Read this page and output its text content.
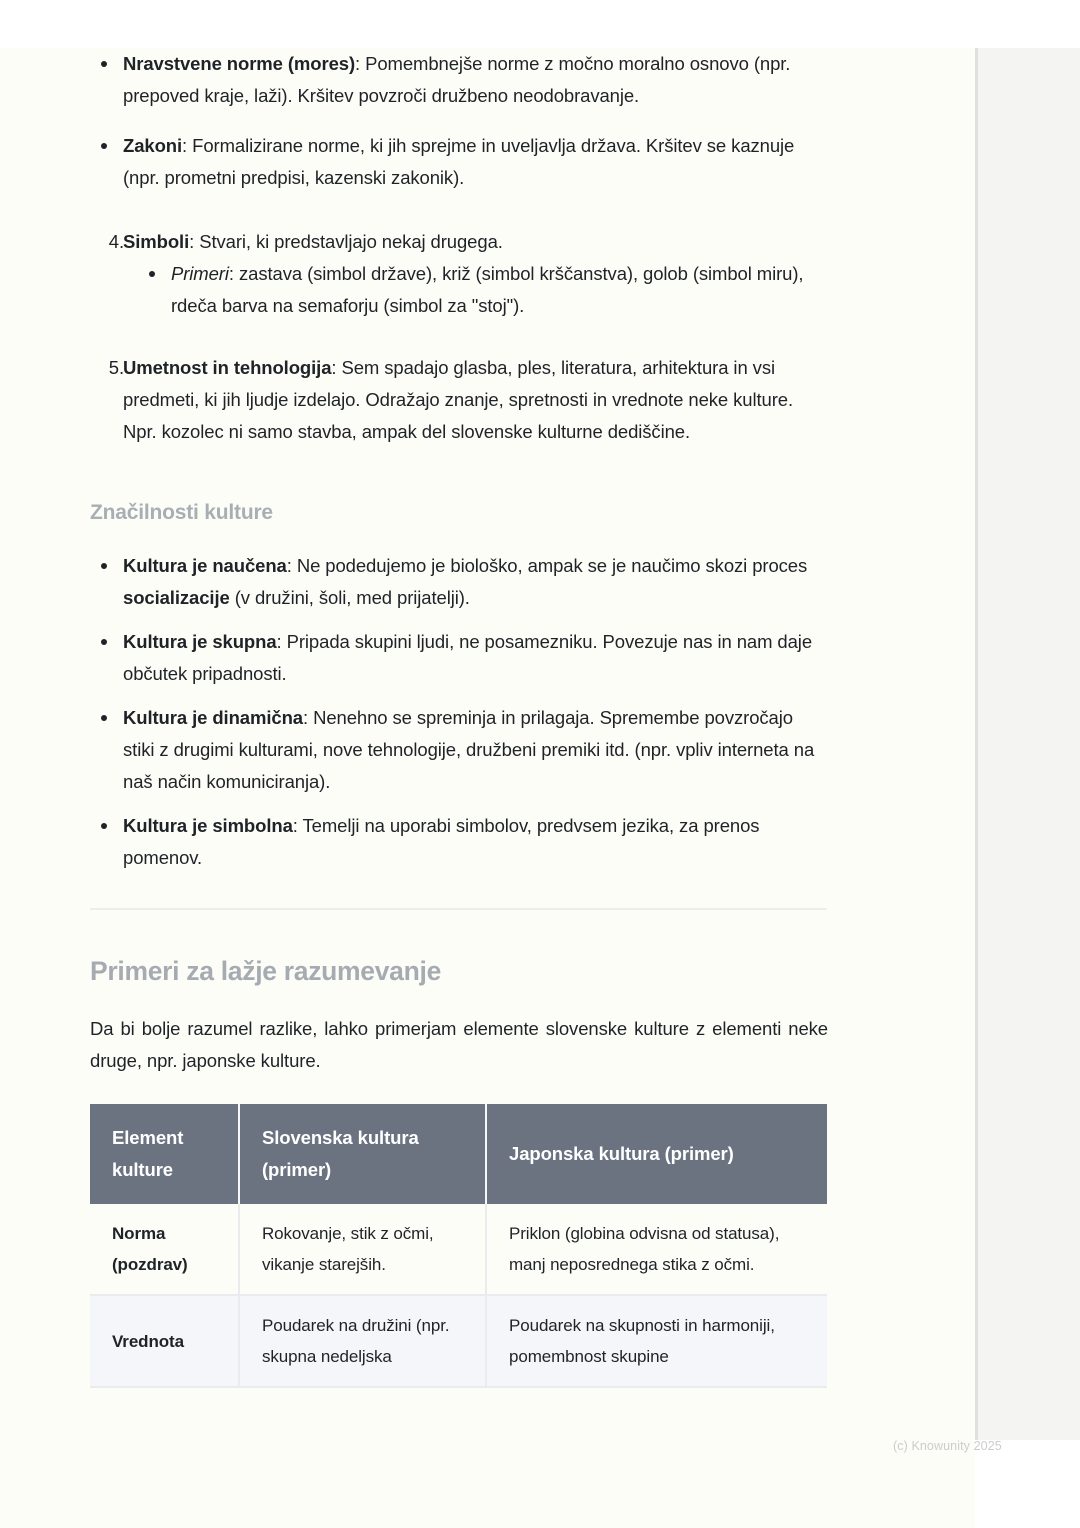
Nravstvene norme (mores): Pomembnejše norme z močno moralno osnovo (npr. prepoved kraje, laži). Kršitev povzroči družbeno neodobravanje.
Zakoni: Formalizirane norme, ki jih sprejme in uveljavlja država. Kršitev se kaznuje (npr. prometni predpisi, kazenski zakonik).
4. Simboli: Stvari, ki predstavljajo nekaj drugega.
Primeri: zastava (simbol države), križ (simbol krščanstva), golob (simbol miru), rdeča barva na semaforju (simbol za "stoj").
5. Umetnost in tehnologija: Sem spadajo glasba, ples, literatura, arhitektura in vsi predmeti, ki jih ljudje izdelajo. Odražajo znanje, spretnosti in vrednote neke kulture. Npr. kozolec ni samo stavba, ampak del slovenske kulturne dediščine.
Značilnosti kulture
Kultura je naučena: Ne podedujemo je biološko, ampak se je naučimo skozi proces socializacije (v družini, šoli, med prijatelji).
Kultura je skupna: Pripada skupini ljudi, ne posamezniku. Povezuje nas in nam daje občutek pripadnosti.
Kultura je dinamična: Nenehno se spreminja in prilagaja. Spremembe povzročajo stiki z drugimi kulturami, nove tehnologije, družbeni premiki itd. (npr. vpliv interneta na naš način komuniciranja).
Kultura je simbolna: Temelji na uporabi simbolov, predvsem jezika, za prenos pomenov.
Primeri za lažje razumevanje

Da bi bolje razumel razlike, lahko primerjam elemente slovenske kulture z elementi neke druge, npr. japonske kulture.

Element kulture	Slovenska kultura (primer)	Japonska kultura (primer)
Norma (pozdrav)	Rokovanje, stik z očmi, vikanje starejših.	Priklon (globina odvisna od statusa), manj neposrednega stika z očmi.
Vrednota	Poudarek na družini (npr. skupna nedeljska	Poudarek na skupnosti in harmoniji, pomembnost skupine
(c) Knowunity 2025
